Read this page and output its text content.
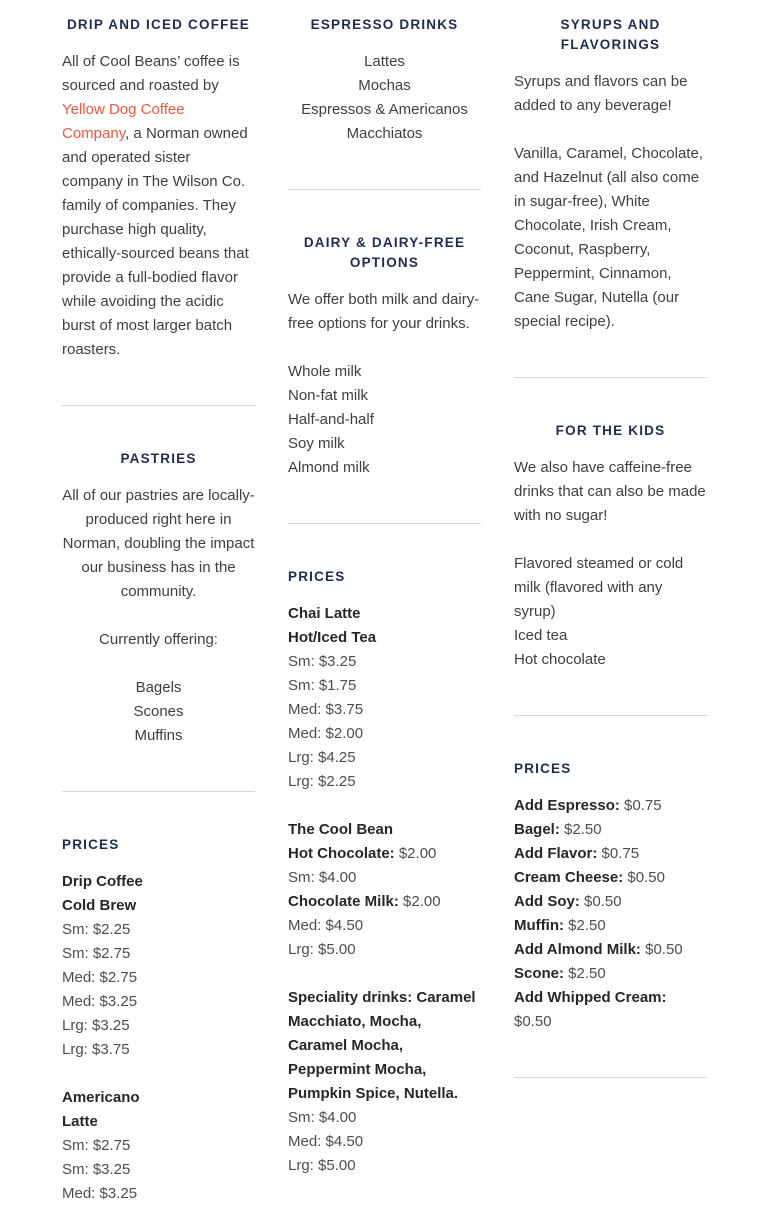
DRIP AND ICED COFFEE

All of Cool Beans’ coffee is sourced and roasted by Yellow Dog Coffee Company, a Norman owned and operated sister company in The Wilson Co. family of companies. They purchase high quality, ethically-sourced beans that provide a full-bodied flavor while avoiding the acidic burst of most larger batch roasters.

PASTRIES

All of our pastries are locally-produced right here in Norman, doubling the impact our business has in the community.

Currently offering:

Bagels
Scones
Muffins
PRICES
Drip Coffee
Cold Brew
Sm: $2.25
Sm: $2.75
Med: $2.75
Med: $3.25
Lrg: $3.25
Lrg: $3.75
Americano
Latte
Sm: $2.75
Sm: $3.25
Med: $3.25
ESPRESSO DRINKS
Lattes
Mochas
Espressos & Americanos
Macchiatos
DAIRY & DAIRY-FREE OPTIONS

We offer both milk and dairy-free options for your drinks.

Whole milk
Non-fat milk
Half-and-half
Soy milk
Almond milk
PRICES
Chai Latte
Hot/Iced Tea
Sm: $3.25
Sm: $1.75
Med: $3.75
Med: $2.00
Lrg: $4.25
Lrg: $2.25
The Cool Bean
Hot Chocolate: $2.00
Sm: $4.00
Chocolate Milk: $2.00
Med: $4.50
Lrg: $5.00
Speciality drinks: Caramel Macchiato, Mocha, Caramel Mocha, Peppermint Mocha, Pumpkin Spice, Nutella.
Sm: $4.00
Med: $4.50
Lrg: $5.00
SYRUPS AND FLAVORINGS

Syrups and flavors can be added to any beverage!

Vanilla, Caramel, Chocolate, and Hazelnut (all also come in sugar-free), White Chocolate, Irish Cream, Coconut, Raspberry, Peppermint, Cinnamon, Cane Sugar, Nutella (our special recipe).

FOR THE KIDS

We also have caffeine-free drinks that can also be made with no sugar!

Flavored steamed or cold milk (flavored with any syrup)
Iced tea
Hot chocolate
PRICES
Add Espresso: $0.75
Bagel: $2.50
Add Flavor: $0.75
Cream Cheese: $0.50
Add Soy: $0.50
Muffin: $2.50
Add Almond Milk: $0.50
Scone: $2.50
Add Whipped Cream: $0.50
